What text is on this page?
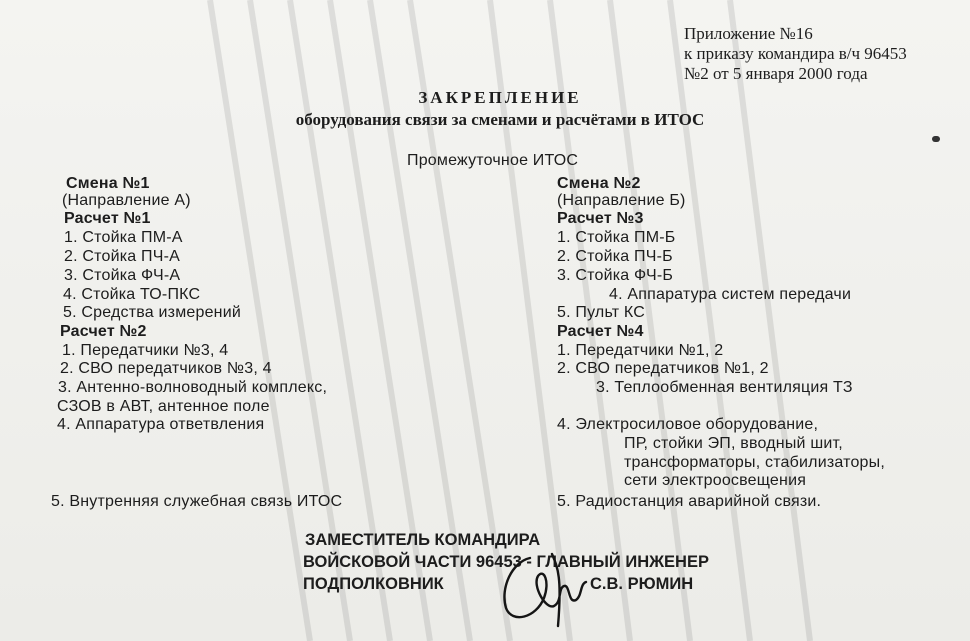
Приложение №16
к приказу командира в/ч 96453
№2 от 5 января 2000 года
ЗАКРЕПЛЕНИЕ
оборудования связи за сменами и расчётами в ИТОС
Промежуточное ИТОС
Смена №1
(Направление А)
Расчет №1
1. Стойка ПМ-А
2. Стойка ПЧ-А
3. Стойка ФЧ-А
4. Стойка ТО-ПКС
5. Средства измерений
Расчет №2
1. Передатчики №3, 4
2. СВО передатчиков №3, 4
3. Антенно-волноводный комплекс,
СЗОВ в АВТ, антенное поле
4. Аппаратура ответвления
5. Внутренняя служебная связь ИТОС
Смена №2
(Направление Б)
Расчет №3
1. Стойка ПМ-Б
2. Стойка ПЧ-Б
3. Стойка ФЧ-Б
4. Аппаратура систем передачи
5. Пульт КС
Расчет №4
1. Передатчики №1, 2
2. СВО передатчиков №1, 2
3. Теплообменная вентиляция ТЗ
4. Электросиловое оборудование,
ПР, стойки ЭП, вводный шит,
трансформаторы, стабилизаторы,
сети электроосвещения
5. Радиостанция аварийной связи.
ЗАМЕСТИТЕЛЬ КОМАНДИРА
ВОЙСКОВОЙ ЧАСТИ 96453 - ГЛАВНЫЙ ИНЖЕНЕР
ПОДПОЛКОВНИК	С.В. РЮМИН
